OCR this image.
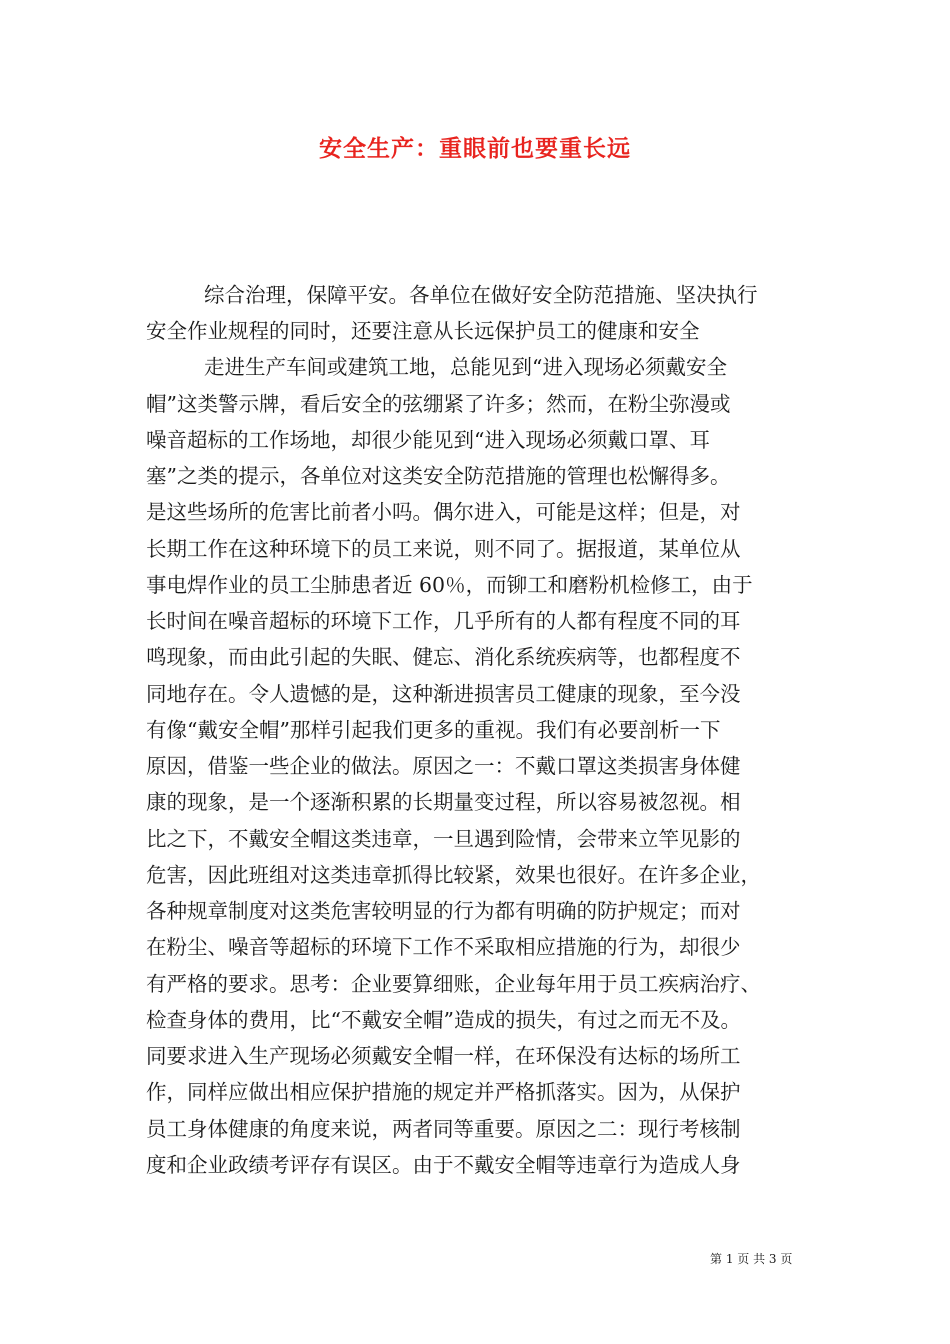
安全生产：重眼前也要重长远
综合治理，保障平安。各单位在做好安全防范措施、坚决执行
安全作业规程的同时，还要注意从长远保护员工的健康和安全
走进生产车间或建筑工地，总能见到“进入现场必须戴安全
帽”这类警示牌，看后安全的弦绷紧了许多；然而，在粉尘弥漫或
噪音超标的工作场地，却很少能见到“进入现场必须戴口罩、耳
塞”之类的提示，各单位对这类安全防范措施的管理也松懈得多。
是这些场所的危害比前者小吗。偶尔进入，可能是这样；但是，对
长期工作在这种环境下的员工来说，则不同了。据报道，某单位从
事电焊作业的员工尘肺患者近 60％，而铆工和磨粉机检修工，由于
长时间在噪音超标的环境下工作，几乎所有的人都有程度不同的耳
鸣现象，而由此引起的失眠、健忘、消化系统疾病等，也都程度不
同地存在。令人遗憾的是，这种渐进损害员工健康的现象，至今没
有像“戴安全帽”那样引起我们更多的重视。我们有必要剖析一下
原因，借鉴一些企业的做法。原因之一：不戴口罩这类损害身体健
康的现象，是一个逐渐积累的长期量变过程，所以容易被忽视。相
比之下，不戴安全帽这类违章，一旦遇到险情，会带来立竿见影的
危害，因此班组对这类违章抓得比较紧，效果也很好。在许多企业，
各种规章制度对这类危害较明显的行为都有明确的防护规定；而对
在粉尘、噪音等超标的环境下工作不采取相应措施的行为，却很少
有严格的要求。思考：企业要算细账，企业每年用于员工疾病治疗、
检查身体的费用，比“不戴安全帽”造成的损失，有过之而无不及。
同要求进入生产现场必须戴安全帽一样，在环保没有达标的场所工
作，同样应做出相应保护措施的规定并严格抓落实。因为，从保护
员工身体健康的角度来说，两者同等重要。原因之二：现行考核制
度和企业政绩考评存有误区。由于不戴安全帽等违章行为造成人身
第 1 页 共 3 页
